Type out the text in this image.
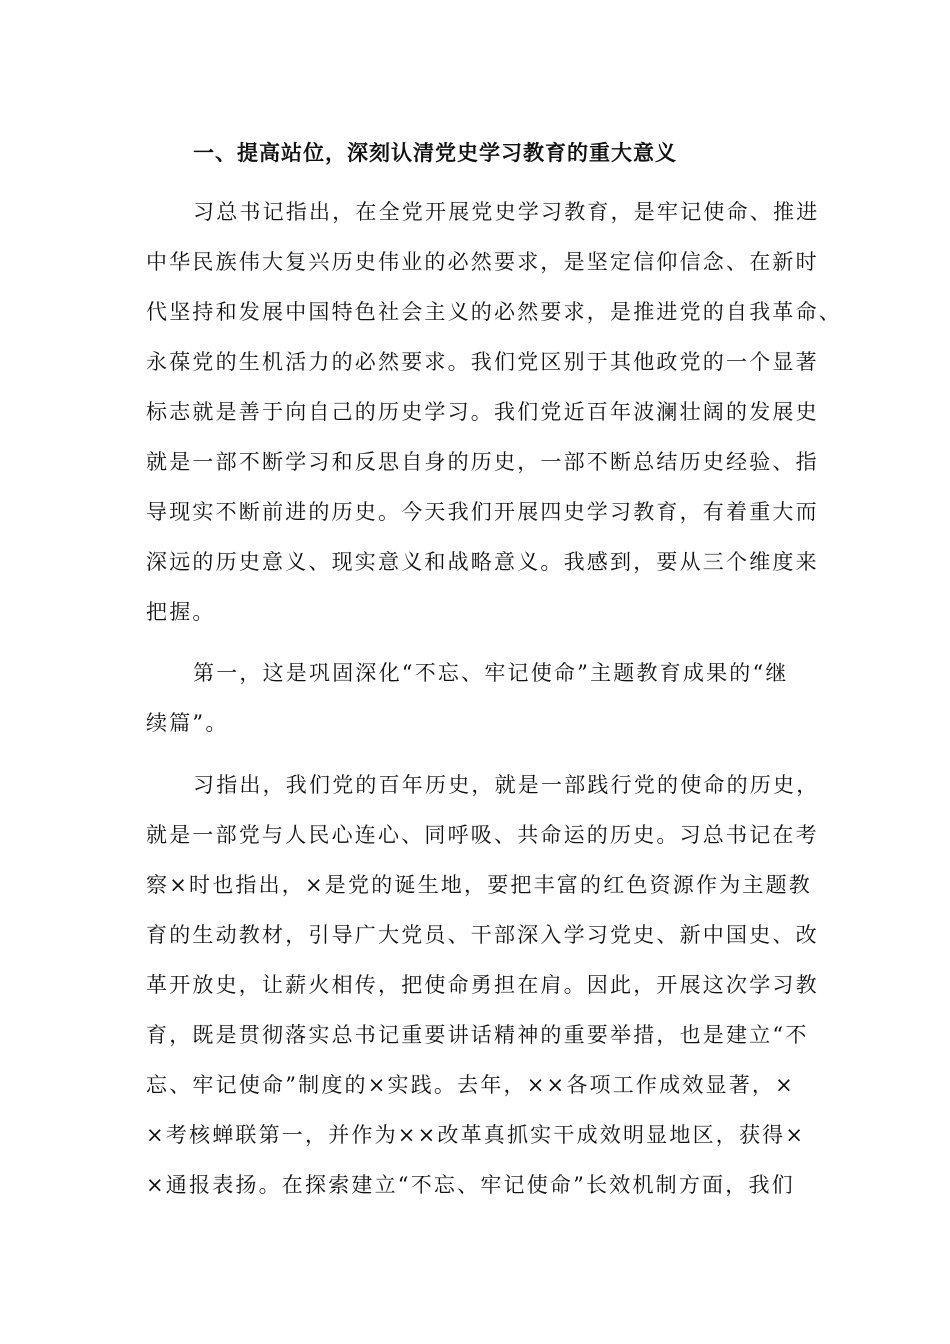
一、提高站位，深刻认清党史学习教育的重大意义
习总书记指出，在全党开展党史学习教育，是牢记使命、推进
中华民族伟大复兴历史伟业的必然要求，是坚定信仰信念、在新时
代坚持和发展中国特色社会主义的必然要求，是推进党的自我革命、
永葆党的生机活力的必然要求。我们党区别于其他政党的一个显著
标志就是善于向自己的历史学习。我们党近百年波澜壮阔的发展史
就是一部不断学习和反思自身的历史，一部不断总结历史经验、指
导现实不断前进的历史。今天我们开展四史学习教育，有着重大而
深远的历史意义、现实意义和战略意义。我感到，要从三个维度来
把握。
第一，这是巩固深化“不忘、牢记使命”主题教育成果的“继
续篇”。
习指出，我们党的百年历史，就是一部践行党的使命的历史，
就是一部党与人民心连心、同呼吸、共命运的历史。习总书记在考
察×时也指出，×是党的诞生地，要把丰富的红色资源作为主题教
育的生动教材，引导广大党员、干部深入学习党史、新中国史、改
革开放史，让薪火相传，把使命勇担在肩。因此，开展这次学习教
育，既是贯彻落实总书记重要讲话精神的重要举措，也是建立“不
忘、牢记使命”制度的×实践。去年，××各项工作成效显著，×
×考核蝉联第一，并作为××改革真抓实干成效明显地区，获得×
×通报表扬。在探索建立“不忘、牢记使命”长效机制方面，我们
